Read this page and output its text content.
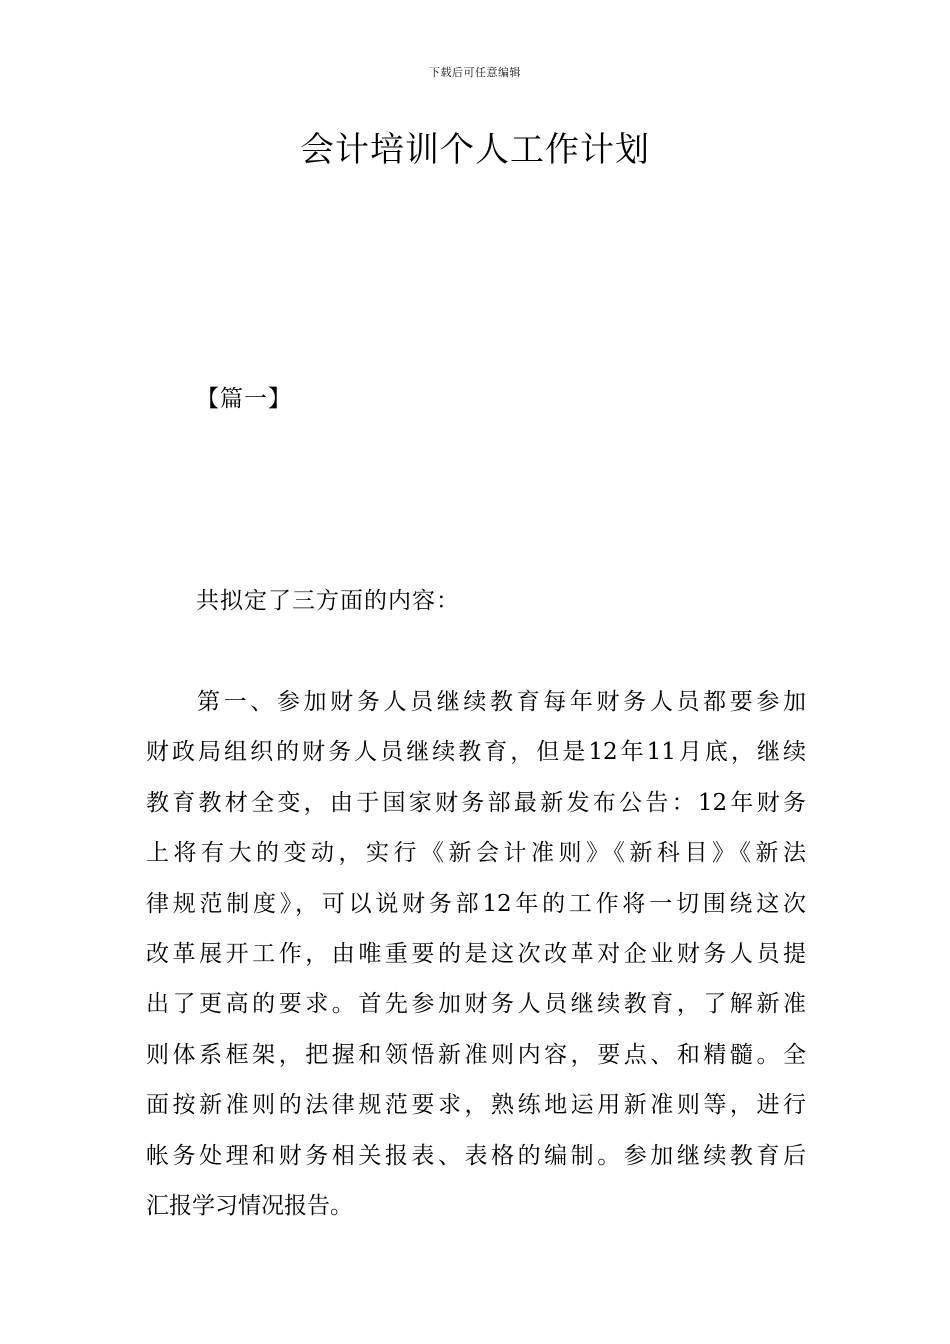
下载后可任意编辑
会计培训个人工作计划
【篇一】

共拟定了三方面的内容：

第一、参加财务人员继续教育每年财务人员都要参加
财政局组织的财务人员继续教育，但是12年11月底，继续
教育教材全变，由于国家财务部最新发布公告：12年财务
上将有大的变动，实行《新会计准则》《新科目》《新法
律规范制度》，可以说财务部12年的工作将一切围绕这次
改革展开工作，由唯重要的是这次改革对企业财务人员提
出了更高的要求。首先参加财务人员继续教育，了解新准
则体系框架，把握和领悟新准则内容，要点、和精髓。全
面按新准则的法律规范要求，熟练地运用新准则等，进行
帐务处理和财务相关报表、表格的编制。参加继续教育后
汇报学习情况报告。
